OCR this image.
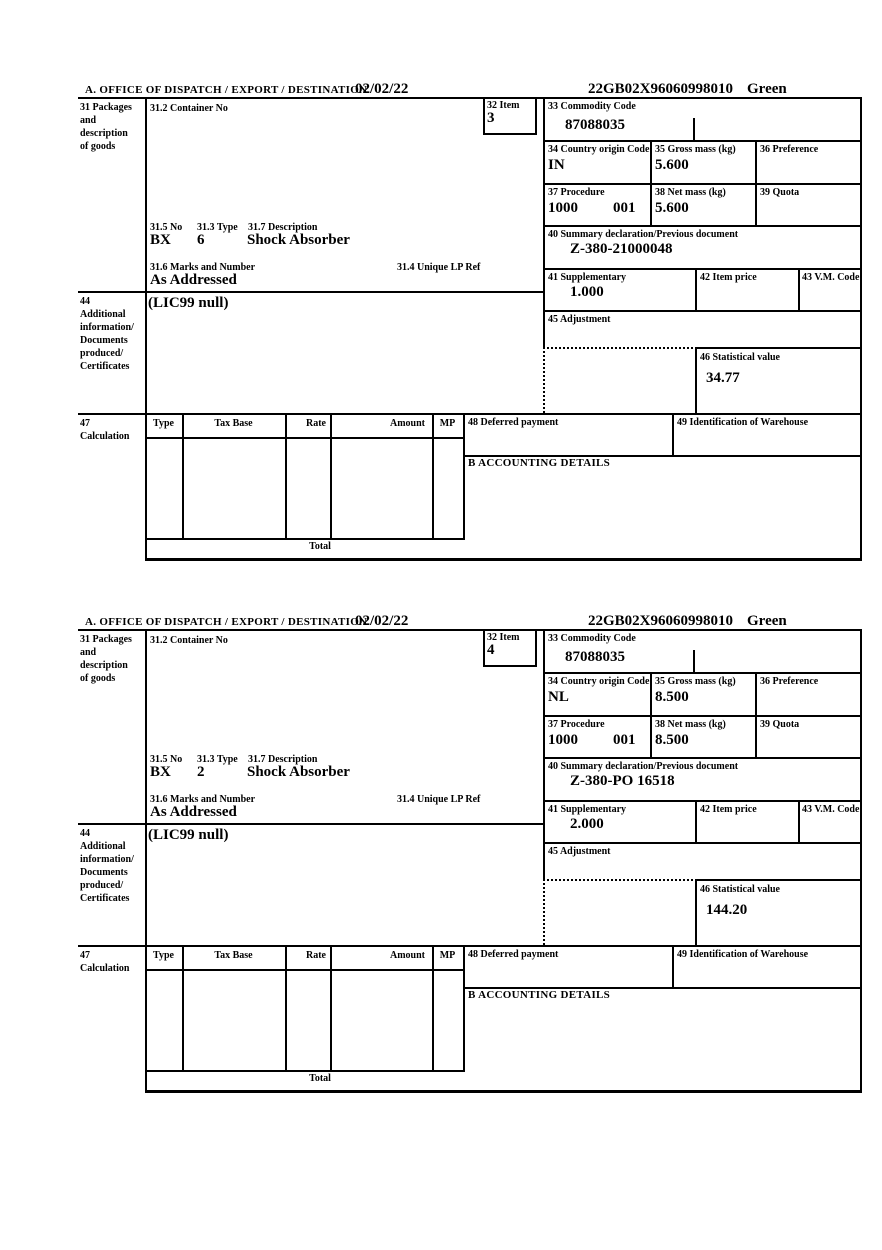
A. OFFICE OF DISPATCH / EXPORT / DESTINATION
02/02/22	22GB02X96060998010 Green
31 Packages
and
description
of goods
44
Additional
information/
Documents
produced/
Certificates
47
Calculation
31.2 Container No	32 Item
3
31.5 No 31.3 Type 31.7 Description
BX 6	Shock Absorber
31.6 Marks and Number	31.4 Unique LP Ref
As Addressed
(LIC99 null)
33 Commodity Code
87088035
34 Country origin Code
IN
35 Gross mass (kg)
5.600
36 Preference
37 Procedure
1000 001
38 Net mass (kg)
5.600
39 Quota
40 Summary declaration/Previous document
Z-380-21000048
41 Supplementary
1.000
42 Item price	43 V.M. Code
45 Adjustment
46 Statistical value
34.77
Type	Tax Base	Rate	Amount	MP
Total
48 Deferred payment	49 Identification of Warehouse
B ACCOUNTING DETAILS
A. OFFICE OF DISPATCH / EXPORT / DESTINATION
02/02/22	22GB02X96060998010 Green
31 Packages
and
description
of goods
44
Additional
information/
Documents
produced/
Certificates
47
Calculation
31.2 Container No	32 Item
4
31.5 No 31.3 Type 31.7 Description
BX 2	Shock Absorber
31.6 Marks and Number	31.4 Unique LP Ref
As Addressed
(LIC99 null)
33 Commodity Code
87088035
34 Country origin Code
NL
35 Gross mass (kg)
8.500
36 Preference
37 Procedure
1000 001
38 Net mass (kg)
8.500
39 Quota
40 Summary declaration/Previous document
Z-380-PO 16518
41 Supplementary
2.000
42 Item price	43 V.M. Code
45 Adjustment
46 Statistical value
144.20
Type	Tax Base	Rate	Amount	MP
Total
48 Deferred payment	49 Identification of Warehouse
B ACCOUNTING DETAILS
